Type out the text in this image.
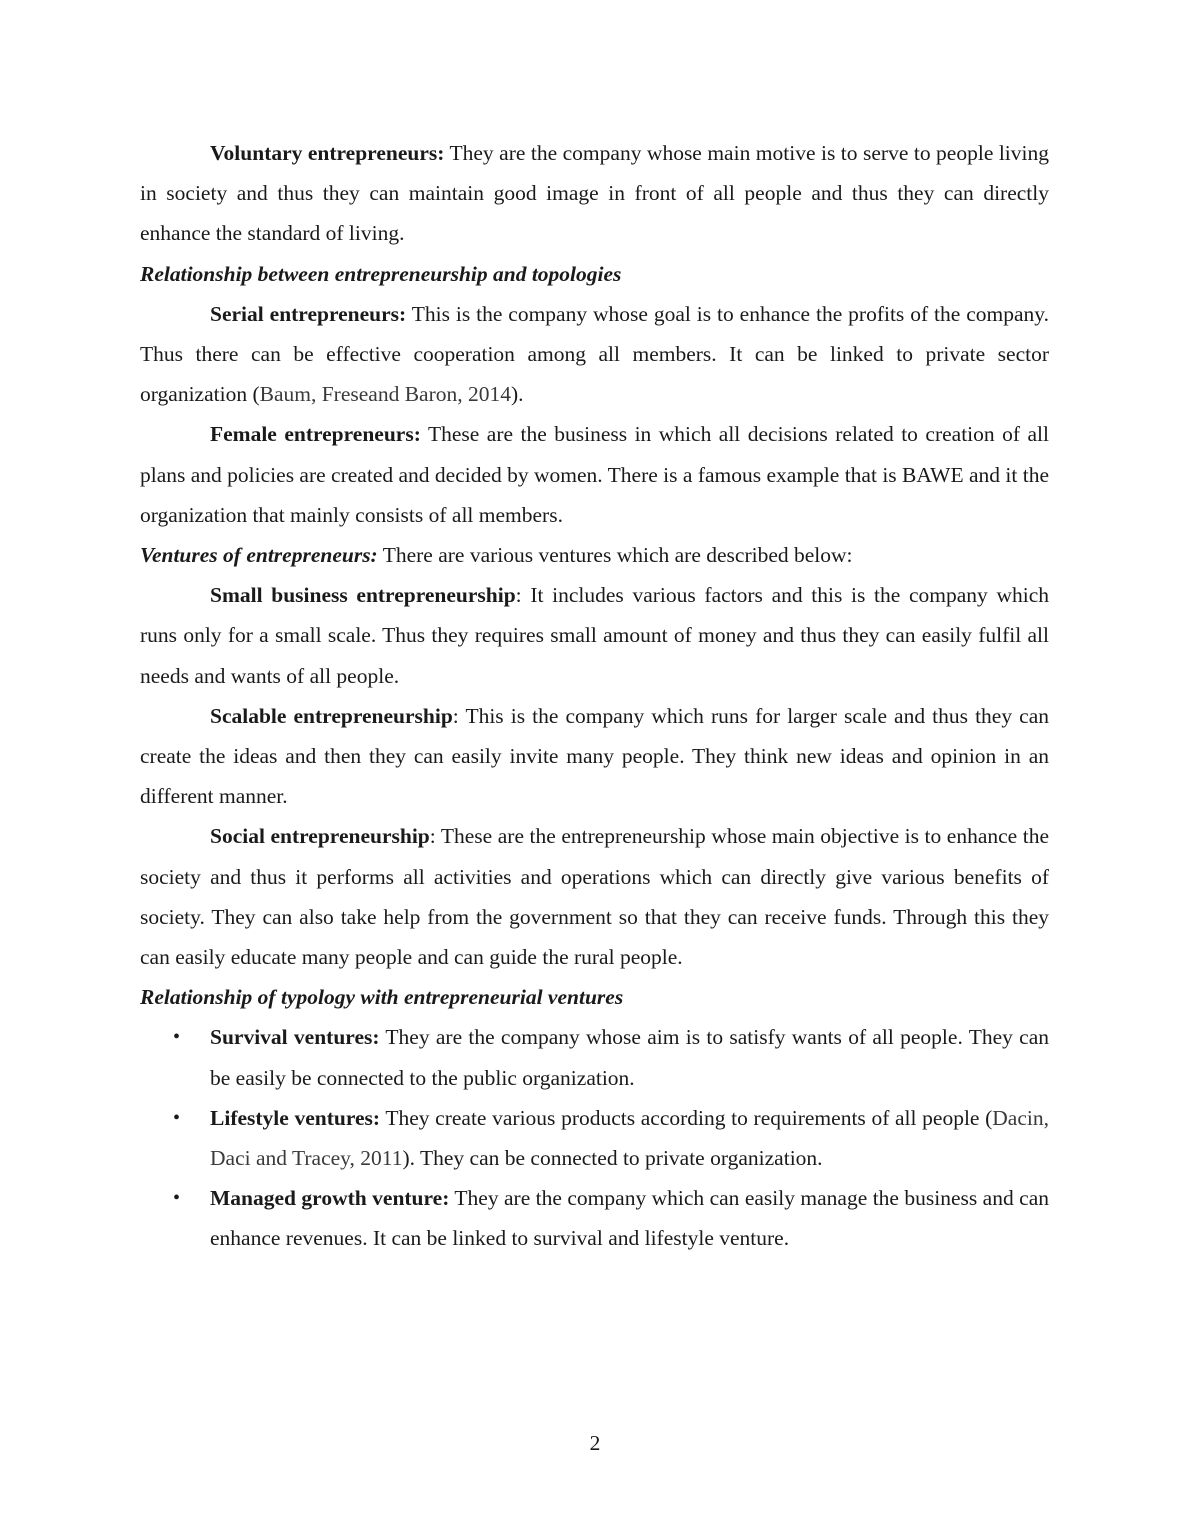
Voluntary entrepreneurs: They are the company whose main motive is to serve to people living in society and thus they can maintain good image in front of all people and thus they can directly enhance the standard of living.

Relationship between entrepreneurship and topologies

Serial entrepreneurs: This is the company whose goal is to enhance the profits of the company. Thus there can be effective cooperation among all members. It can be linked to private sector organization (Baum, Freseand Baron, 2014).

Female entrepreneurs: These are the business in which all decisions related to creation of all plans and policies are created and decided by women. There is a famous example that is BAWE and it the organization that mainly consists of all members.

Ventures of entrepreneurs: There are various ventures which are described below:

Small business entrepreneurship: It includes various factors and this is the company which runs only for a small scale. Thus they requires small amount of money and thus they can easily fulfil all needs and wants of all people.

Scalable entrepreneurship: This is the company which runs for larger scale and thus they can create the ideas and then they can easily invite many people. They think new ideas and opinion in an different manner.

Social entrepreneurship: These are the entrepreneurship whose main objective is to enhance the society and thus it performs all activities and operations which can directly give various benefits of society. They can also take help from the government so that they can receive funds. Through this they can easily educate many people and can guide the rural people.

Relationship of typology with entrepreneurial ventures

• Survival ventures: They are the company whose aim is to satisfy wants of all people. They can be easily be connected to the public organization.
• Lifestyle ventures: They create various products according to requirements of all people (Dacin, Daci and Tracey, 2011). They can be connected to private organization.
• Managed growth venture: They are the company which can easily manage the business and can enhance revenues. It can be linked to survival and lifestyle venture.
2
